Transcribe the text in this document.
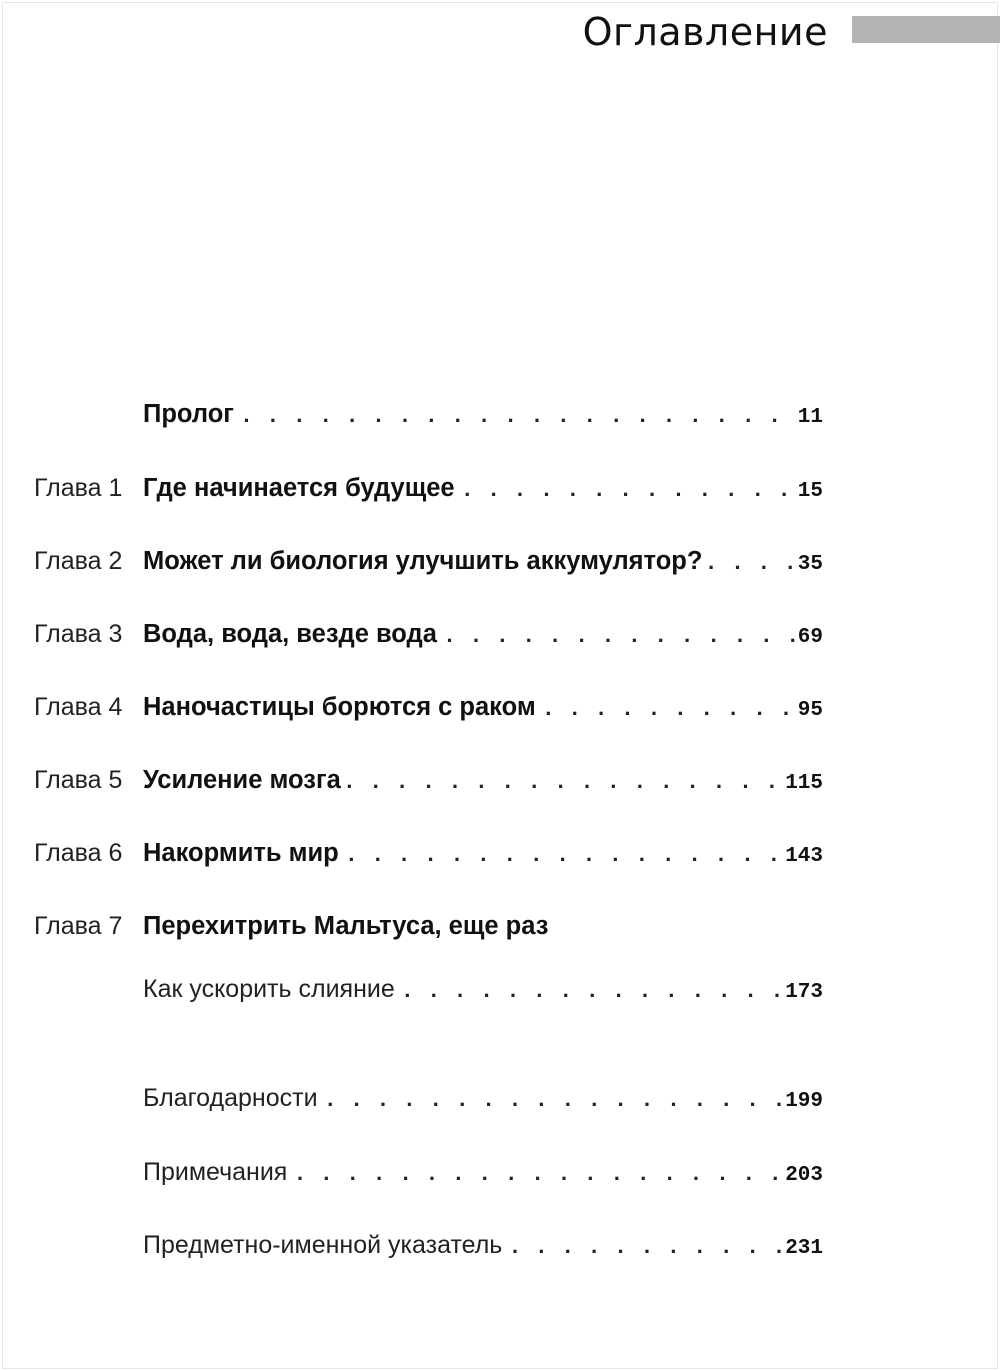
Оглавление
Пролог . . .	11
Глава 1 Где начинается будущее . . .	15
Глава 2 Может ли биология улучшить аккумулятор? . . .	35
Глава 3 Вода, вода, везде вода . . .	69
Глава 4 Наночастицы борются с раком . . .	95
Глава 5 Усиление мозга . . .	115
Глава 6 Накормить мир . . .	143
Глава 7 Перехитрить Мальтуса, еще раз
Как ускорить слияние . . .	173
Благодарности . . .	199
Примечания . . .	203
Предметно-именной указатель . . .	231
